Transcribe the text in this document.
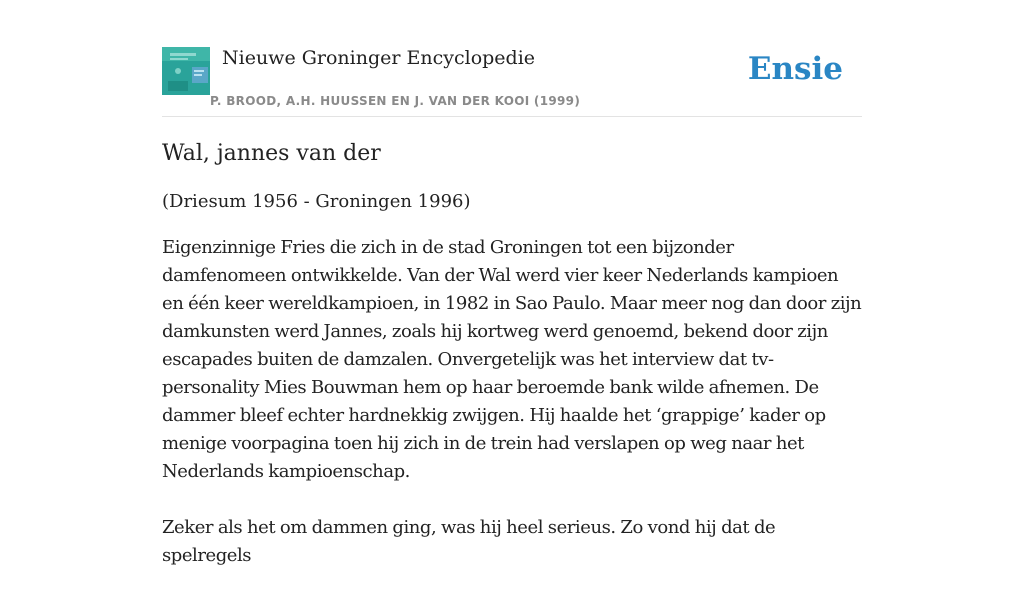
Nieuwe Groninger Encyclopedie
P. BROOD, A.H. HUUSSEN EN J. VAN DER KOOI (1999)
Ensie
Wal, jannes van der
(Driesum 1956 - Groningen 1996)

Eigenzinnige Fries die zich in de stad Groningen tot een bijzonder damfenomeen ontwikkelde. Van der Wal werd vier keer Nederlands kampioen en één keer wereldkampioen, in 1982 in Sao Paulo. Maar meer nog dan door zijn damkunsten werd Jannes, zoals hij kortweg werd genoemd, bekend door zijn escapades buiten de damzalen. Onvergetelijk was het interview dat tv-personality Mies Bouwman hem op haar beroemde bank wilde afnemen. De dammer bleef echter hardnekkig zwijgen. Hij haalde het ‘grappige’ kader op menige voorpagina toen hij zich in de trein had verslapen op weg naar het Nederlands kampioenschap.

Zeker als het om dammen ging, was hij heel serieus. Zo vond hij dat de spelregels
